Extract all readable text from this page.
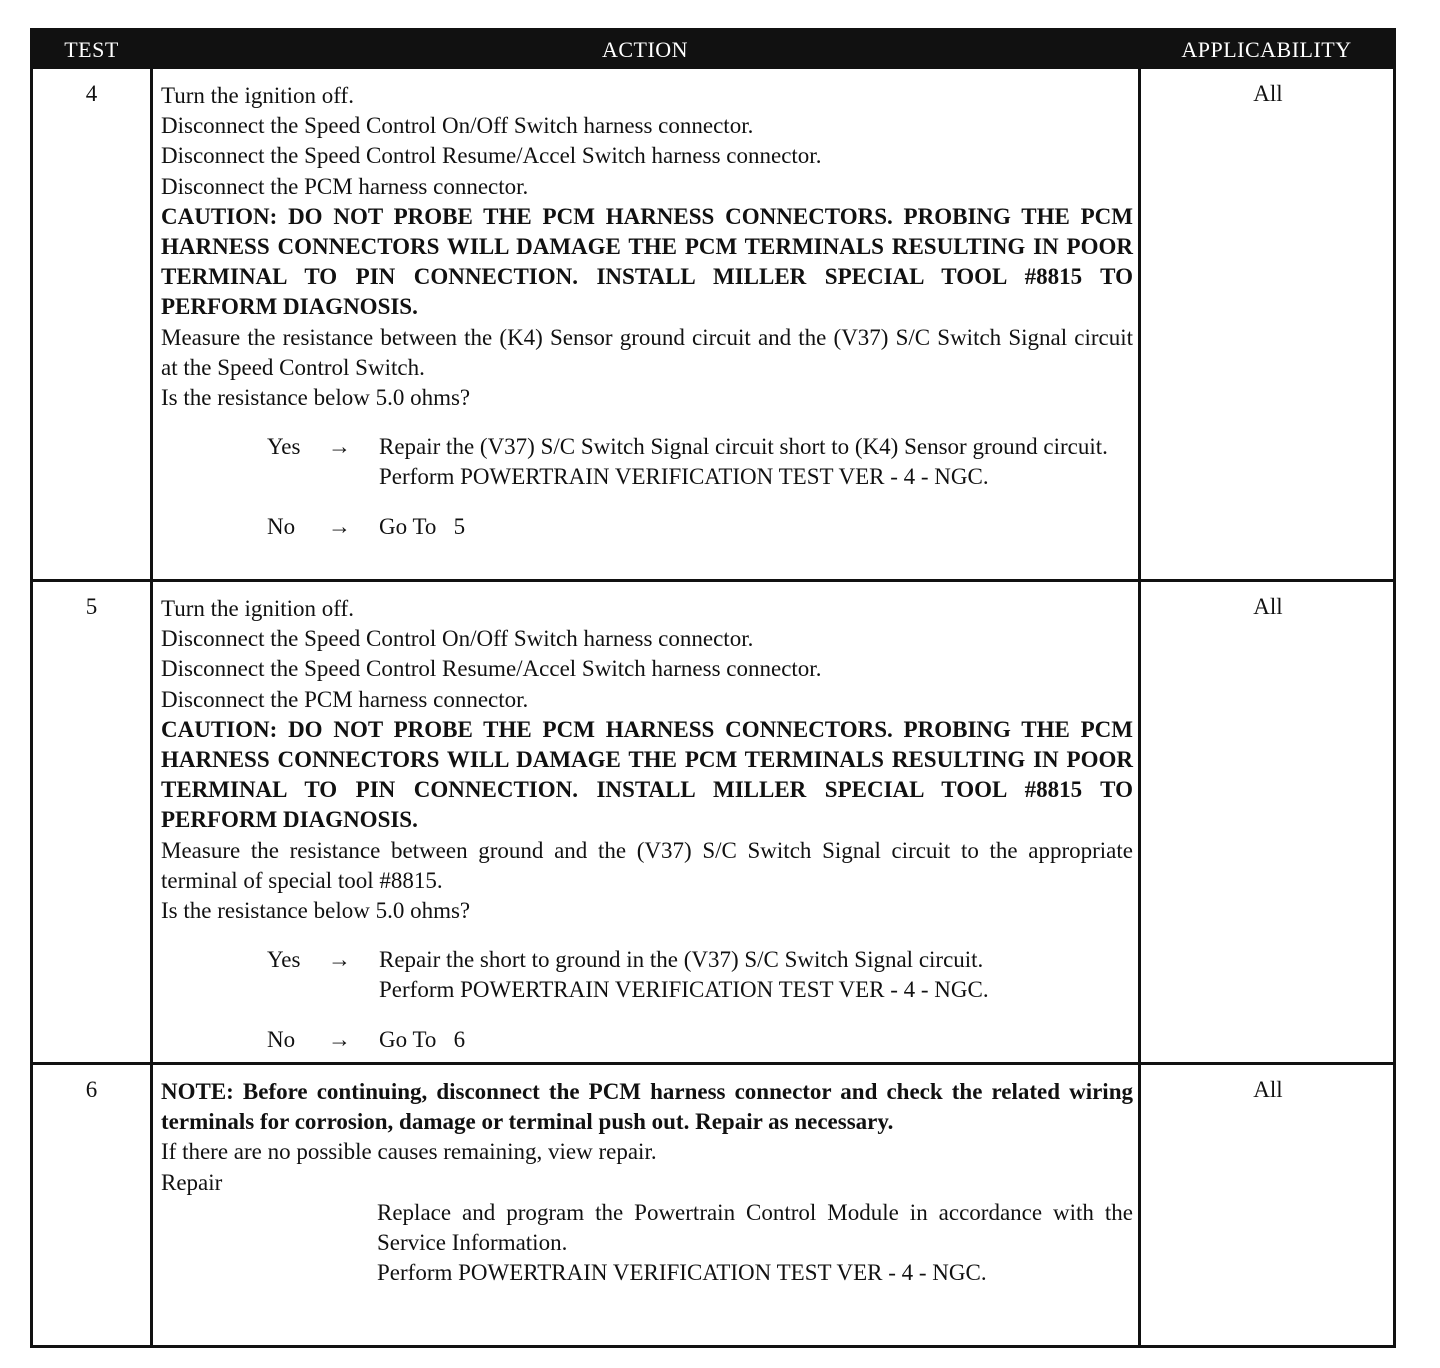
TEST	ACTION	APPLICABILITY
4	Turn the ignition off.

Disconnect the Speed Control On/Off Switch harness connector.

Disconnect the Speed Control Resume/Accel Switch harness connector.

Disconnect the PCM harness connector.

CAUTION: DO NOT PROBE THE PCM HARNESS CONNECTORS. PROBING THE PCM HARNESS CONNECTORS WILL DAMAGE THE PCM TERMINALS RESULTING IN POOR TERMINAL TO PIN CONNECTION. INSTALL MILLER SPECIAL TOOL #8815 TO PERFORM DIAGNOSIS.

Measure the resistance between the (K4) Sensor ground circuit and the (V37) S/C Switch Signal circuit at the Speed Control Switch.

Is the resistance below 5.0 ohms?

Yes → Repair the (V37) S/C Switch Signal circuit short to (K4) Sensor ground circuit.

Perform POWERTRAIN VERIFICATION TEST VER - 4 - NGC.

No → Go To   5

All
5	Turn the ignition off.

Disconnect the Speed Control On/Off Switch harness connector.

Disconnect the Speed Control Resume/Accel Switch harness connector.

Disconnect the PCM harness connector.

CAUTION: DO NOT PROBE THE PCM HARNESS CONNECTORS. PROBING THE PCM HARNESS CONNECTORS WILL DAMAGE THE PCM TERMINALS RESULTING IN POOR TERMINAL TO PIN CONNECTION. INSTALL MILLER SPECIAL TOOL #8815 TO PERFORM DIAGNOSIS.

Measure the resistance between ground and the (V37) S/C Switch Signal circuit to the appropriate terminal of special tool #8815.

Is the resistance below 5.0 ohms?

Yes → Repair the short to ground in the (V37) S/C Switch Signal circuit.

Perform POWERTRAIN VERIFICATION TEST VER - 4 - NGC.

No → Go To   6

All
6	NOTE: Before continuing, disconnect the PCM harness connector and check the related wiring terminals for corrosion, damage or terminal push out. Repair as necessary.

If there are no possible causes remaining, view repair.

Repair

Replace and program the Powertrain Control Module in accordance with the Service Information.

Perform POWERTRAIN VERIFICATION TEST VER - 4 - NGC.

All
